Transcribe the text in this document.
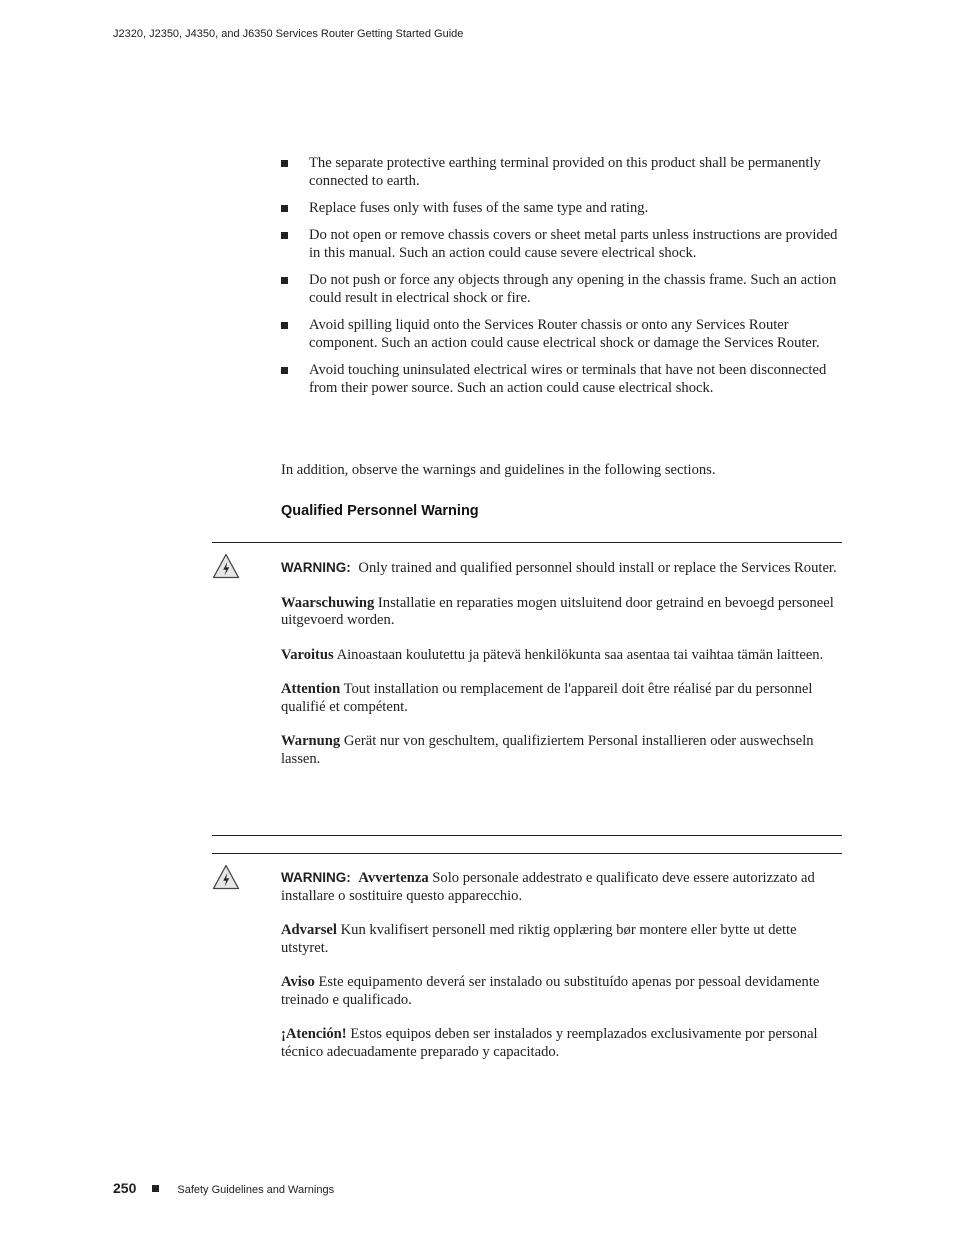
J2320, J2350, J4350, and J6350 Services Router Getting Started Guide
The separate protective earthing terminal provided on this product shall be permanently connected to earth.
Replace fuses only with fuses of the same type and rating.
Do not open or remove chassis covers or sheet metal parts unless instructions are provided in this manual. Such an action could cause severe electrical shock.
Do not push or force any objects through any opening in the chassis frame. Such an action could result in electrical shock or fire.
Avoid spilling liquid onto the Services Router chassis or onto any Services Router component. Such an action could cause electrical shock or damage the Services Router.
Avoid touching uninsulated electrical wires or terminals that have not been disconnected from their power source. Such an action could cause electrical shock.
In addition, observe the warnings and guidelines in the following sections.
Qualified Personnel Warning

WARNING: Only trained and qualified personnel should install or replace the Services Router.

Waarschuwing Installatie en reparaties mogen uitsluitend door getraind en bevoegd personeel uitgevoerd worden.

Varoitus Ainoastaan koulutettu ja pätevä henkilökunta saa asentaa tai vaihtaa tämän laitteen.

Attention Tout installation ou remplacement de l'appareil doit être réalisé par du personnel qualifié et compétent.

Warnung Gerät nur von geschultem, qualifiziertem Personal installieren oder auswechseln lassen.

WARNING: Avvertenza Solo personale addestrato e qualificato deve essere autorizzato ad installare o sostituire questo apparecchio.

Advarsel Kun kvalifisert personell med riktig opplæring bør montere eller bytte ut dette utstyret.

Aviso Este equipamento deverá ser instalado ou substituído apenas por pessoal devidamente treinado e qualificado.

¡Atención! Estos equipos deben ser instalados y reemplazados exclusivamente por personal técnico adecuadamente preparado y capacitado.

250	Safety Guidelines and Warnings
